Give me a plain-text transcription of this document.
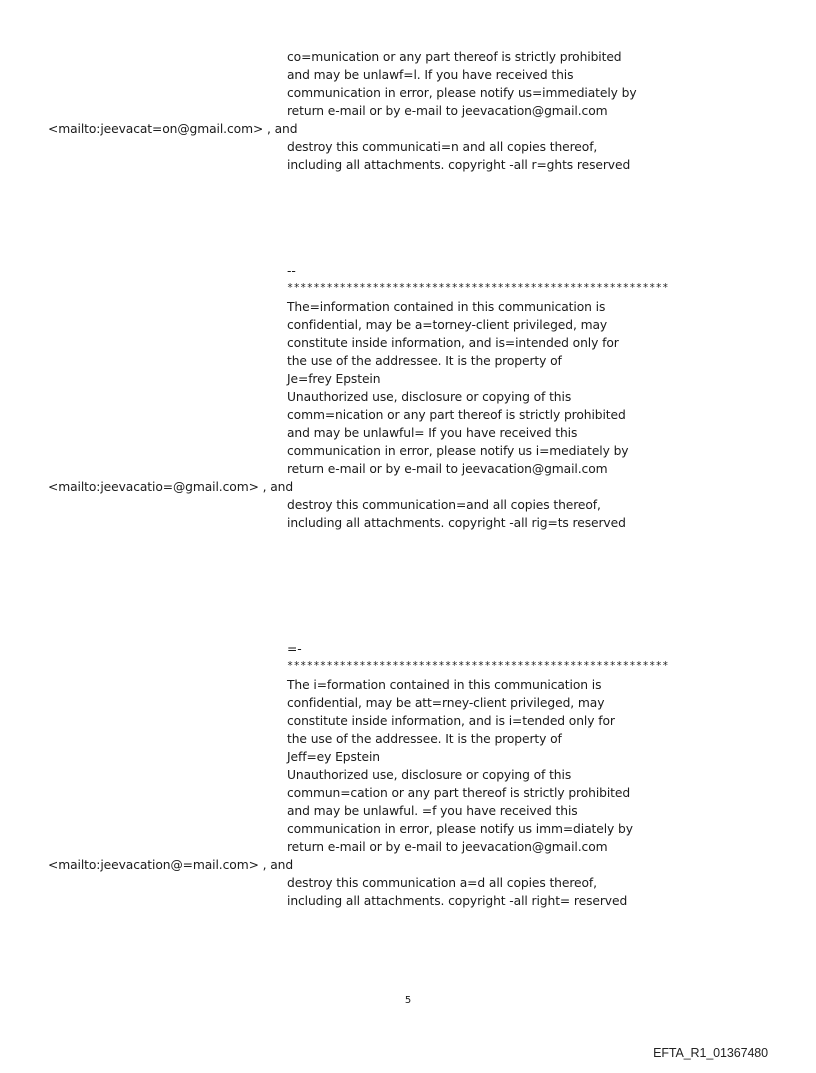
co=munication or any part thereof is strictly prohibited
and may be unlawf=l. If you have received this
communication in error, please notify us=immediately by
return e-mail or by e-mail to jeevacation@gmail.com
<mailto:jeevacat=on@gmail.com> , and
destroy this communicati=n and all copies thereof,
including all attachments. copyright -all r=ghts reserved
--
**********************************************************
The=information contained in this communication is
confidential, may be a=torney-client privileged, may
constitute inside information, and is=intended only for
the use of the addressee. It is the property of
Je=frey Epstein
Unauthorized use, disclosure or copying of this
comm=nication or any part thereof is strictly prohibited
and may be unlawful= If you have received this
communication in error, please notify us i=mediately by
return e-mail or by e-mail to jeevacation@gmail.com
<mailto:jeevacatio=@gmail.com> , and
destroy this communication=and all copies thereof,
including all attachments. copyright -all rig=ts reserved
=-
**********************************************************
The i=formation contained in this communication is
confidential, may be att=rney-client privileged, may
constitute inside information, and is i=tended only for
the use of the addressee. It is the property of
Jeff=ey Epstein
Unauthorized use, disclosure or copying of this
commun=cation or any part thereof is strictly prohibited
and may be unlawful. =f you have received this
communication in error, please notify us imm=diately by
return e-mail or by e-mail to jeevacation@gmail.com
<mailto:jeevacation@=mail.com> , and
destroy this communication a=d all copies thereof,
including all attachments. copyright -all right= reserved
5
EFTA_R1_01367480
